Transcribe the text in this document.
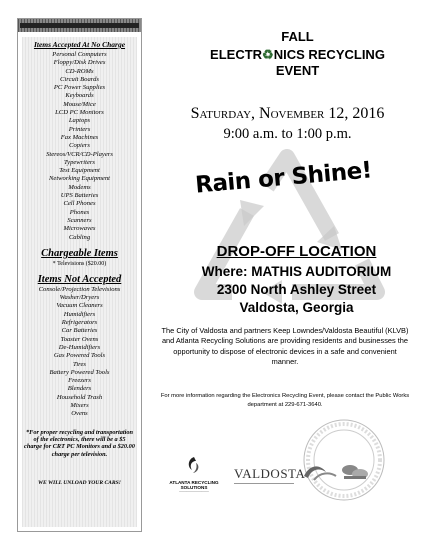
Items Accepted At No Charge
Personal Computers
Floppy/Disk Drives
CD-ROMs
Circuit Boards
PC Power Supplies
Keyboards
Mouse/Mice
LCD PC Monitors
Laptops
Printers
Fax Machines
Copiers
Stereos/VCR/CD-Players
Typewriters
Test Equipment
Networking Equipment
Modems
UPS Batteries
Cell Phones
Phones
Scanners
Microwaves
Cabling
Chargeable Items
* Televisions ($20.00)
Items Not Accepted
Console/Projection Televisions
Washer/Dryers
Vacuum Cleaners
Humidifiers
Refrigerators
Car Batteries
Toaster Ovens
De-Humidifiers
Gas Powered Tools
Tires
Battery Powered Tools
Freezers
Blenders
Household Trash
Mixers
Ovens
*For proper recycling and transportation of the electronics, there will be a $5 charge for CRT PC Monitors and a $20.00 charge per television.
WE WILL UNLOAD YOUR CARS!
FALL
ELECTR♻NICS RECYCLING
EVENT
Saturday, November 12, 2016
9:00 a.m. to 1:00 p.m.
Rain or Shine!
DROP-OFF LOCATION
Where: MATHIS AUDITORIUM
2300 North Ashley Street
Valdosta, Georgia
The City of Valdosta and partners Keep Lowndes/Valdosta Beautiful (KLVB) and Atlanta Recycling Solutions are providing residents and businesses the opportunity to dispose of electronic devices in a safe and convenient manner.
For more information regarding the Electronics Recycling Event, please contact the Public Works department at 229-671-3640.
ATLANTA RECYCLING SOLUTIONS
────────────
VALDOSTA
